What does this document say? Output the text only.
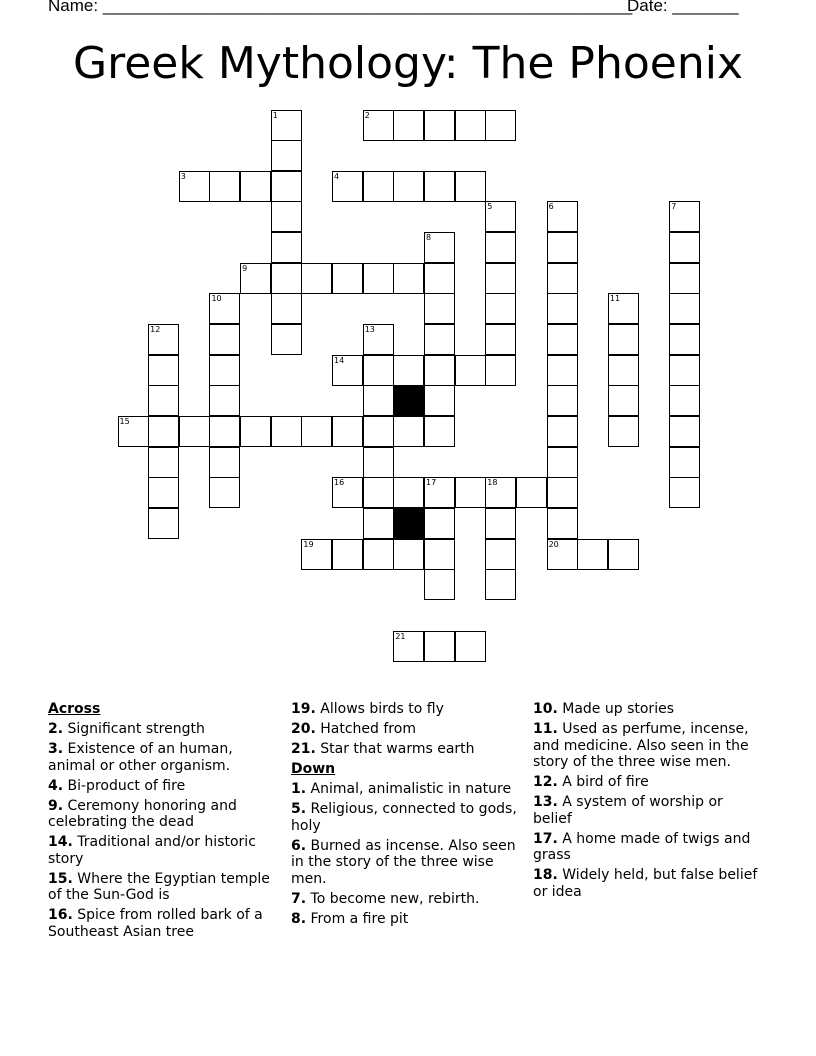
Name: ________________________________________________________
Date: _______
Greek Mythology: The Phoenix
2
3	4
9
14
15
16	17	18
19	20
21
1
5	6	7
8
10	11
12	13
Across
2. Significant strength
3. Existence of an human, animal or other organism.
4. Bi-product of fire
9. Ceremony honoring and celebrating the dead
14. Traditional and/or historic story
15. Where the Egyptian temple of the Sun-God is
16. Spice from rolled bark of a Southeast Asian tree
19. Allows birds to fly
20. Hatched from
21. Star that warms earth
Down
1. Animal, animalistic in nature
5. Religious, connected to gods, holy
6. Burned as incense. Also seen in the story of the three wise men.
7. To become new, rebirth.
8. From a fire pit
10. Made up stories
11. Used as perfume, incense, and medicine. Also seen in the story of the three wise men.
12. A bird of fire
13. A system of worship or belief
17. A home made of twigs and grass
18. Widely held, but false belief or idea
